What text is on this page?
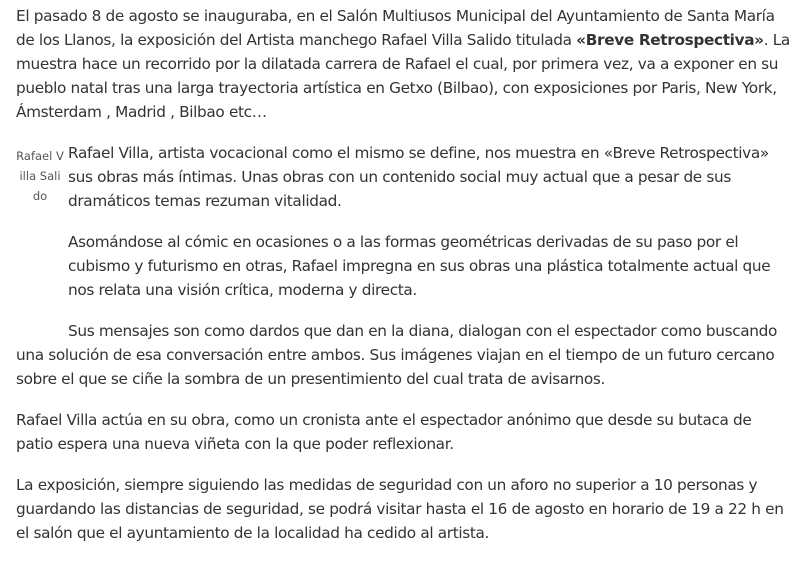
El pasado 8 de agosto se inauguraba, en el Salón Multiusos Municipal del Ayuntamiento de Santa María de los Llanos, la exposición del Artista manchego Rafael Villa Salido titulada «Breve Retrospectiva». La muestra hace un recorrido por la dilatada carrera de Rafael el cual, por primera vez, va a exponer en su pueblo natal tras una larga trayectoria artística en Getxo (Bilbao), con exposiciones por Paris, New York, Ámsterdam , Madrid , Bilbao etc…

Rafael Villa Salido

Rafael Villa, artista vocacional como el mismo se define, nos muestra en «Breve Retrospectiva» sus obras más íntimas. Unas obras con un contenido social muy actual que a pesar de sus dramáticos temas rezuman vitalidad.

Asomándose al cómic en ocasiones o a las formas geométricas derivadas de su paso por el cubismo y futurismo en otras, Rafael impregna en sus obras una plástica totalmente actual que nos relata una visión crítica, moderna y directa.

Sus mensajes son como dardos que dan en la diana, dialogan con el espectador como buscando una solución de esa conversación entre ambos. Sus imágenes viajan en el tiempo de un futuro cercano sobre el que se ciñe la sombra de un presentimiento del cual trata de avisarnos.

Rafael Villa actúa en su obra, como un cronista ante el espectador anónimo que desde su butaca de patio espera una nueva viñeta con la que poder reflexionar.

La exposición, siempre siguiendo las medidas de seguridad con un aforo no superior a 10 personas y guardando las distancias de seguridad, se podrá visitar hasta el 16 de agosto en horario de 19 a 22 h en el salón que el ayuntamiento de la localidad ha cedido al artista.
